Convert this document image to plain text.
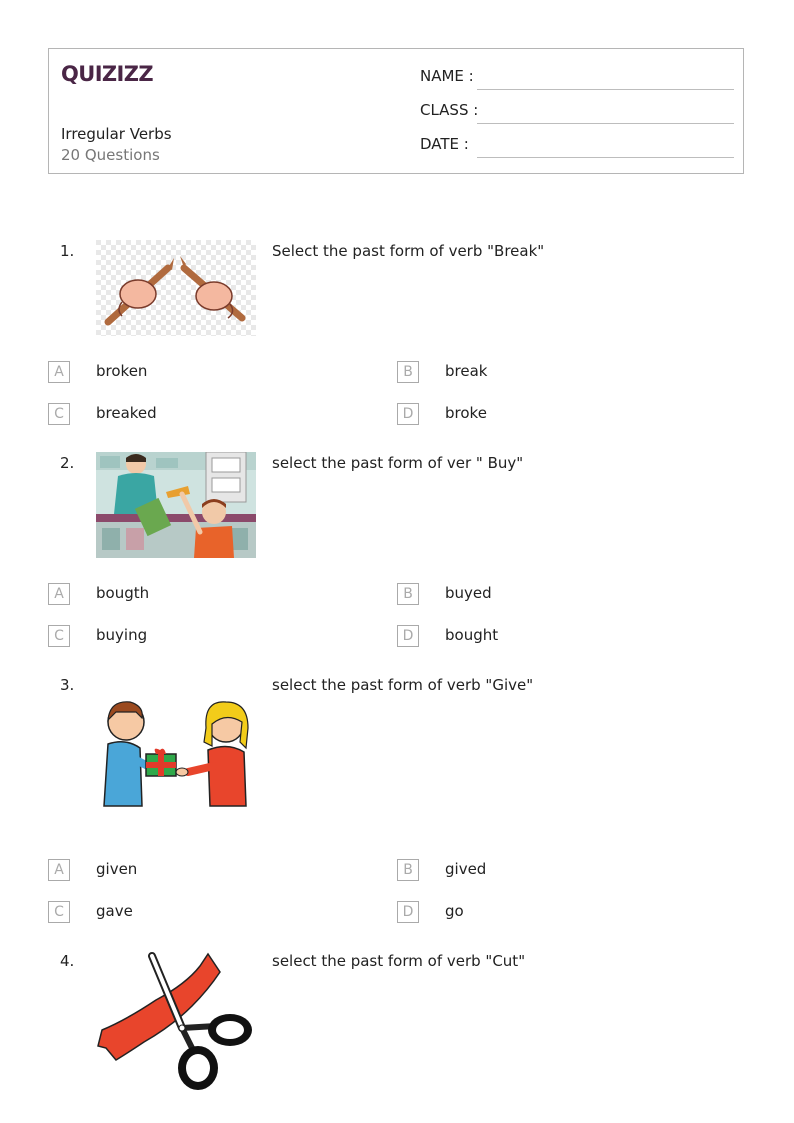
QUIZIZZ
Irregular Verbs
20 Questions
NAME :
CLASS :
DATE :
1.	Select the past form of verb "Break"
A	broken	B	break
C	breaked	D	broke
2.	select the past form of ver " Buy"
A	bougth	B	buyed
C	buying	D	bought
3.	select the past form of verb "Give"
A	given	B	gived
C	gave	D	go
4.	select the past form of verb "Cut"
